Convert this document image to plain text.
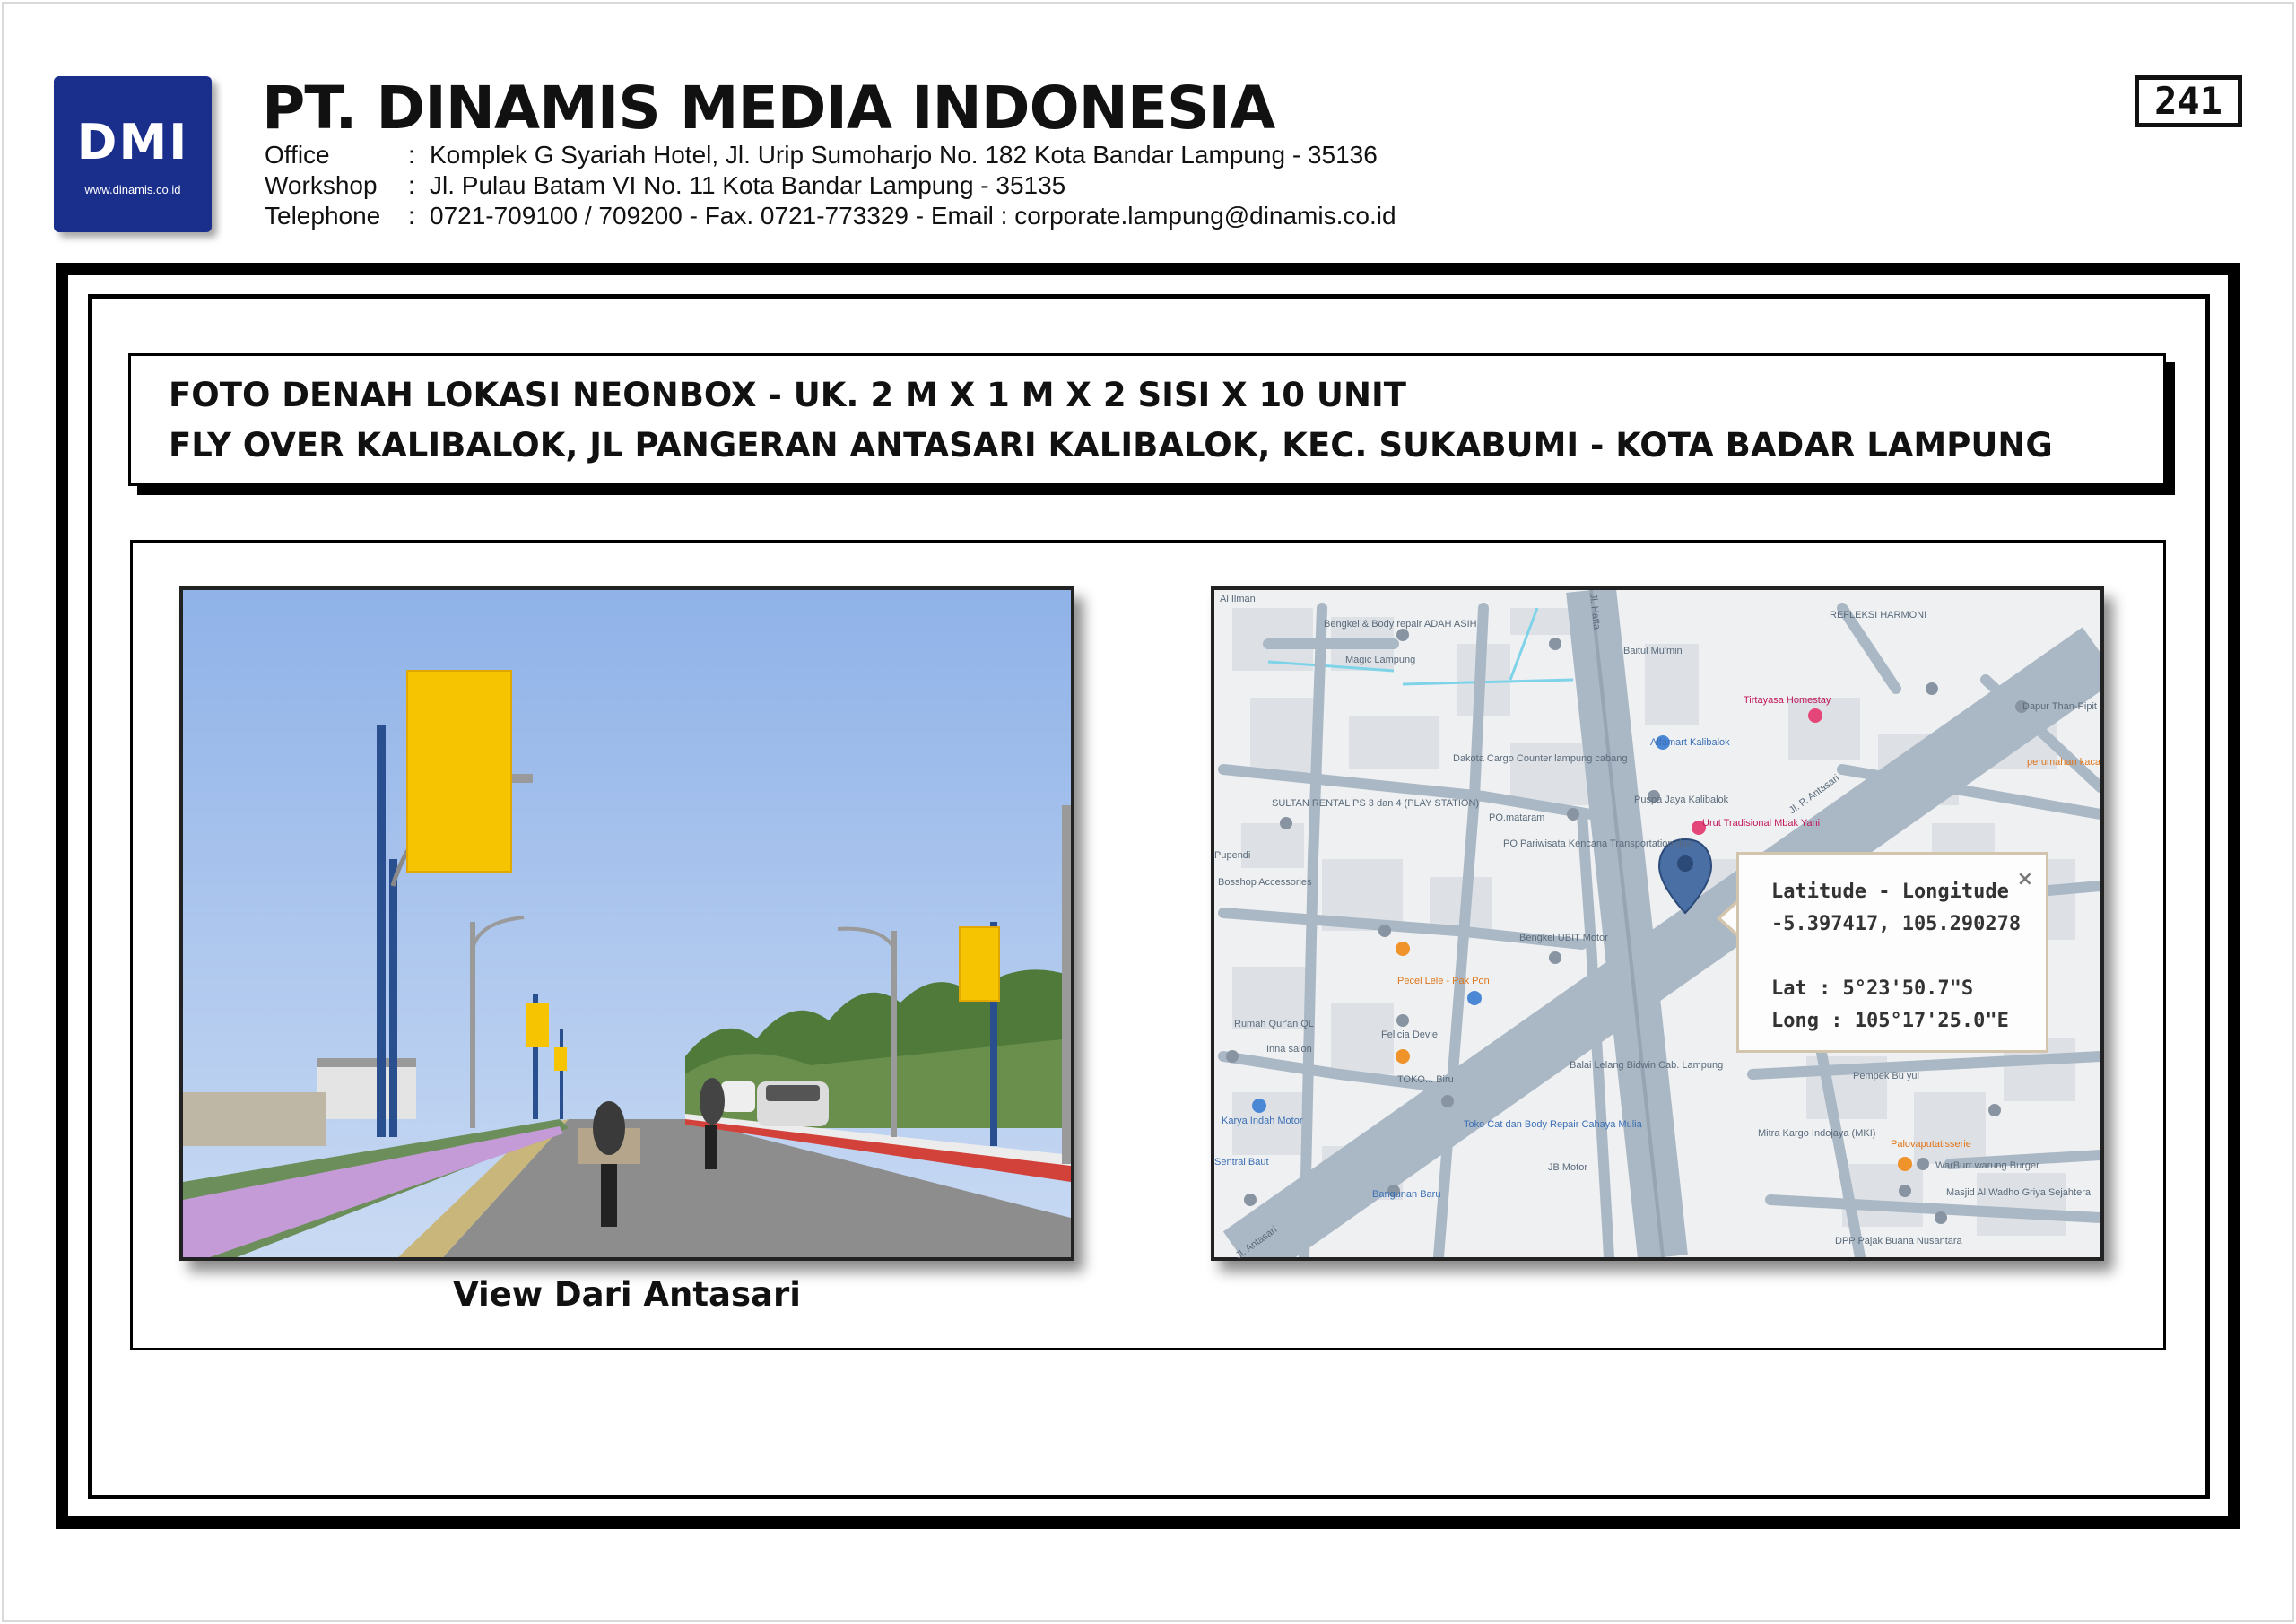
DMI
www.dinamis.co.id
PT. DINAMIS MEDIA INDONESIA
Office	: Komplek G Syariah Hotel, Jl. Urip Sumoharjo No. 182 Kota Bandar Lampung - 35136
Workshop	: Jl. Pulau Batam VI No. 11 Kota Bandar Lampung - 35135
Telephone	: 0721-709100 / 709200 - Fax. 0721-773329 - Email : corporate.lampung@dinamis.co.id
241
FOTO DENAH LOKASI NEONBOX - UK. 2 M X 1 M X 2 SISI X 10 UNIT
FLY OVER KALIBALOK, JL PANGERAN ANTASARI KALIBALOK, KEC. SUKABUMI - KOTA BADAR LAMPUNG
View Dari Antasari
Al Ilman
Bengkel & Body repair ADAH ASIH
Magic Lampung
Baitul Mu'min
REFLEKSI HARMONI
Tirtayasa Homestay
Dapur Than-Pipit
Alfamart Kalibalok
Dakota Cargo Counter lampung cabang
Puspa Jaya Kalibalok
Urut Tradisional Mbak Yani
SULTAN RENTAL PS 3 dan 4 (PLAY STATION)
PO.mataram
PO Pariwisata Kencana Transportation dan
Bosshop Accessories
Bengkel UBIT Motor
Pecel Lele - Pak Pon
Rumah Qur'an QL
Felicia Devie
Inna salon
Balai Lelang Bidwin Cab. Lampung
TOKO... Biru
Karya Indah Motor	Toko Cat dan Body Repair Cahaya Mulia
Sentral Baut
Bangunan Baru
JB Motor
Pempek Bu yul
Mitra Kargo Indojaya (MKI)
Palovaputatisserie
WarBurr warung Burger
Masjid Al Wadho Griya Sejahtera
DPP Pajak Buana Nusantara
Jl. P. Antasari
Jl. Antasari
Jl. Hatta
perumahan kaca
Pupendi
×
Latitude - Longitude
-5.397417, 105.290278
Lat : 5°23'50.7"S
Long : 105°17'25.0"E
